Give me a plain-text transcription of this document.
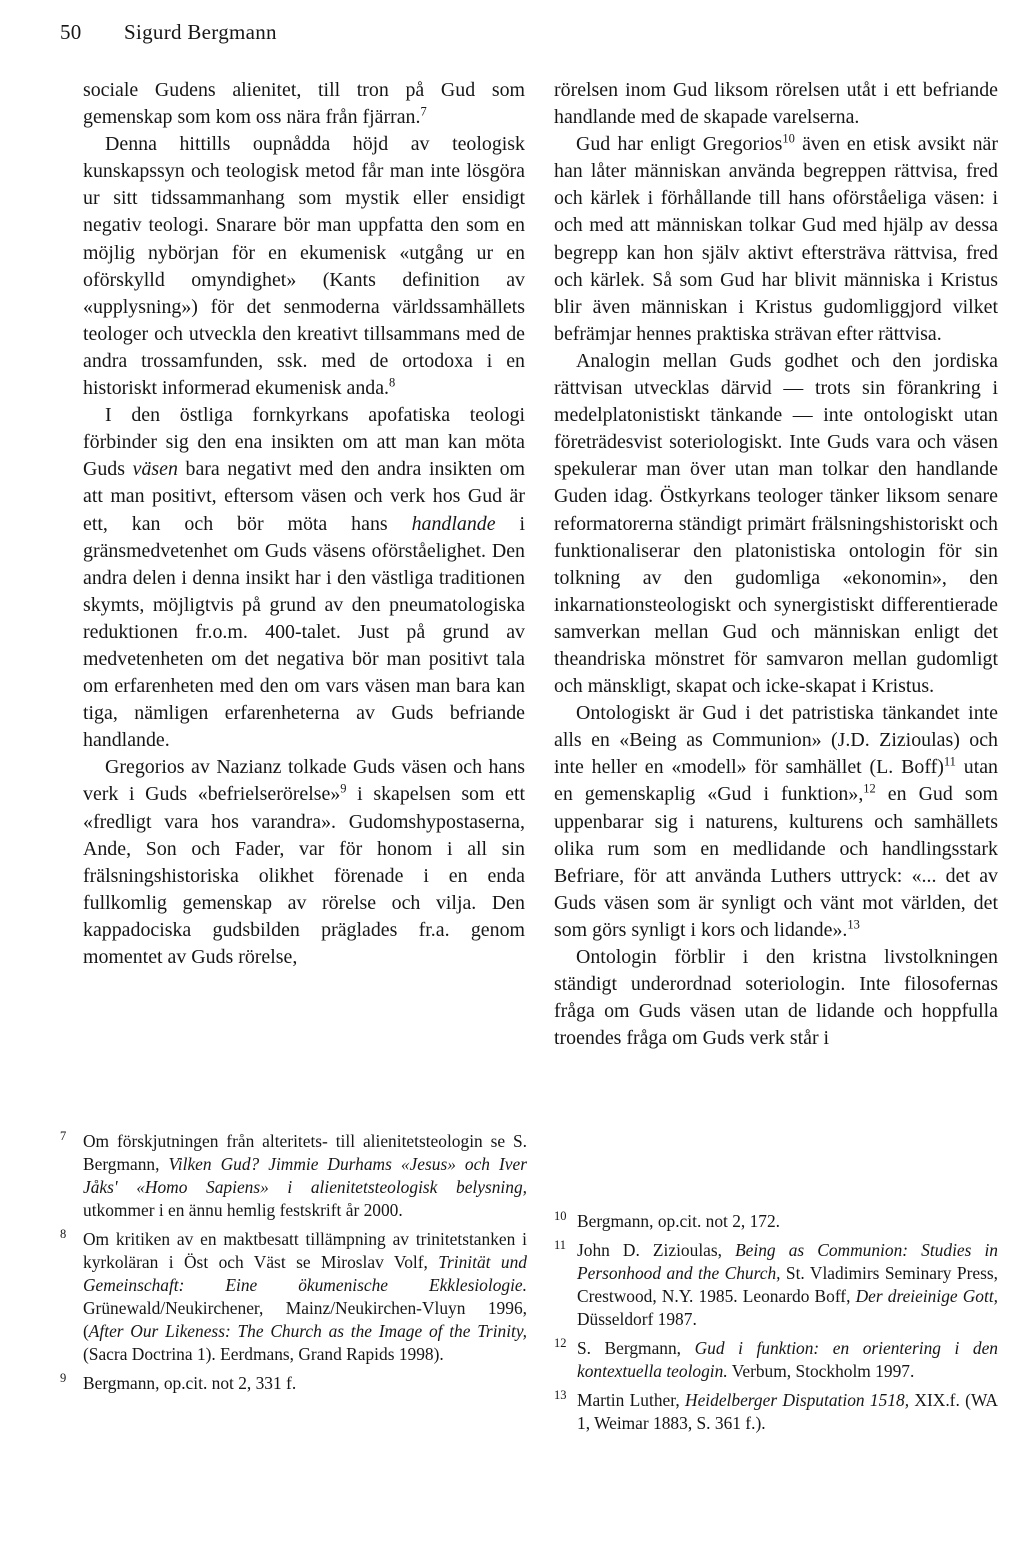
50 Sigurd Bergmann

sociale Gudens alienitet, till tron på Gud som gemenskap som kom oss nära från fjärran.$^7$

Denna hittills oupnådda höjd av teologisk kunskapssyn och teologisk metod får man inte lösgöra ur sitt tidssammanhang som mystik eller ensidigt negativ teologi. Snarare bör man uppfatta den som en möjlig nybörjan för en ekumenisk «utgång ur en oförskylld omyndighet» (Kants definition av «upplysning») för det senmoderna världssamhällets teologer och utveckla den kreativt tillsammans med de andra trossamfunden, ssk. med de ortodoxa i en historiskt informerad ekumenisk anda.$^8$

I den östliga fornkyrkans apofatiska teologi förbinder sig den ena insikten om att man kan möta Guds väsen bara negativt med den andra insikten om att man positivt, eftersom väsen och verk hos Gud är ett, kan och bör möta hans handlande i gränsmedvetenhet om Guds väsens oförståelighet. Den andra delen i denna insikt har i den västliga traditionen skymts, möjligtvis på grund av den pneumatologiska reduktionen fr.o.m. 400-talet. Just på grund av medvetenheten om det negativa bör man positivt tala om erfarenheten med den om vars väsen man bara kan tiga, nämligen erfarenheterna av Guds befriande handlande.

Gregorios av Nazianz tolkade Guds väsen och hans verk i Guds «befrielserörelse»$^9$ i skapelsen som ett «fredligt vara hos varandra». Gudomshypostaserna, Ande, Son och Fader, var för honom i all sin frälsningshistoriska olikhet förenade i en enda fullkomlig gemenskap av rörelse och vilja. Den kappadociska gudsbilden präglades fr.a. genom momentet av Guds rörelse,

rörelsen inom Gud liksom rörelsen utåt i ett befriande handlande med de skapade varelserna.

Gud har enligt Gregorios$^{10}$ även en etisk avsikt när han låter människan använda begreppen rättvisa, fred och kärlek i förhållande till hans oförståeliga väsen: i och med att människan tolkar Gud med hjälp av dessa begrepp kan hon själv aktivt eftersträva rättvisa, fred och kärlek. Så som Gud har blivit människa i Kristus blir även människan i Kristus gudomliggjord vilket befrämjar hennes praktiska strävan efter rättvisa.

Analogin mellan Guds godhet och den jordiska rättvisan utvecklas därvid — trots sin förankring i medelplatonistiskt tänkande — inte ontologiskt utan företrädesvist soteriologiskt. Inte Guds vara och väsen spekulerar man över utan man tolkar den handlande Guden idag. Östkyrkans teologer tänker liksom senare reformatorerna ständigt primärt frälsningshistoriskt och funktionaliserar den platonistiska ontologin för sin tolkning av den gudomliga «ekonomin», den inkarnationsteologiskt och synergistiskt differentierade samverkan mellan Gud och människan enligt det theandriska mönstret för samvaron mellan gudomligt och mänskligt, skapat och icke-skapat i Kristus.

Ontologiskt är Gud i det patristiska tänkandet inte alls en «Being as Communion» (J.D. Zizioulas) och inte heller en «modell» för samhället (L. Boff)$^{11}$ utan en gemenskaplig «Gud i funktion»,$^{12}$ en Gud som uppenbarar sig i naturens, kulturens och samhällets olika rum som en medlidande och handlingsstark Befriare, för att använda Luthers uttryck: «... det av Guds väsen som är synligt och vänt mot världen, det som görs synligt i kors och lidande».$^{13}$

Ontologin förblir i den kristna livstolkningen ständigt underordnad soteriologin. Inte filosofernas fråga om Guds väsen utan de lidande och hoppfulla troendes fråga om Guds verk står i

7 Om förskjutningen från alteritets- till alienitetsteologin se S. Bergmann, Vilken Gud? Jimmie Durhams «Jesus» och Iver Jåks' «Homo Sapiens» i alienitetsteologisk belysning, utkommer i en ännu hemlig festskrift år 2000.
8 Om kritiken av en maktbesatt tillämpning av trinitetstanken i kyrkoläran i Öst och Väst se Miroslav Volf, Trinität und Gemeinschaft: Eine ökumenische Ekklesiologie. Grünewald/Neukirchener, Mainz/Neukirchen-Vluyn 1996, (After Our Likeness: The Church as the Image of the Trinity, (Sacra Doctrina 1). Eerdmans, Grand Rapids 1998).
9 Bergmann, op.cit. not 2, 331 f.
10 Bergmann, op.cit. not 2, 172.
11 John D. Zizioulas, Being as Communion: Studies in Personhood and the Church, St. Vladimirs Seminary Press, Crestwood, N.Y. 1985. Leonardo Boff, Der dreieinige Gott, Düsseldorf 1987.
12 S. Bergmann, Gud i funktion: en orientering i den kontextuella teologin. Verbum, Stockholm 1997.
13 Martin Luther, Heidelberger Disputation 1518, XIX.f. (WA 1, Weimar 1883, S. 361 f.).
